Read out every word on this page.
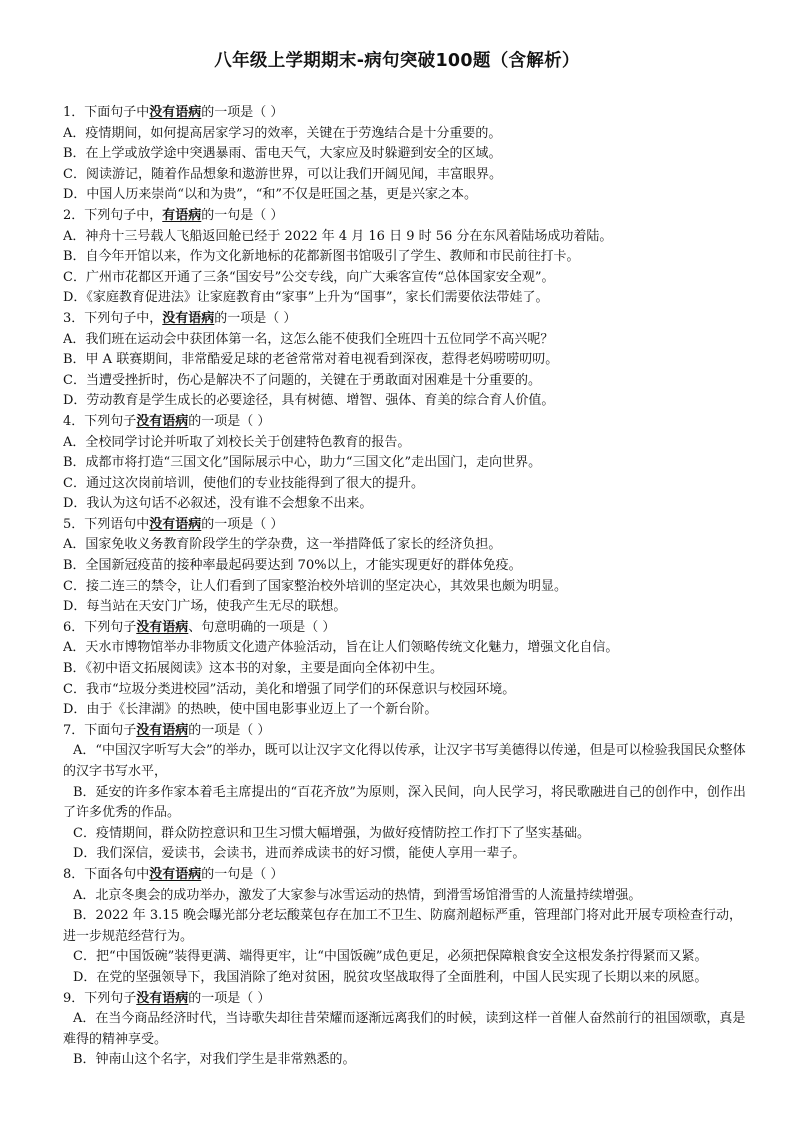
八年级上学期期末-病句突破100题（含解析）
1．下面句子中没有语病的一项是（ ）
A．疫情期间，如何提高居家学习的效率，关键在于劳逸结合是十分重要的。
B．在上学或放学途中突遇暴雨、雷电天气，大家应及时躲避到安全的区域。
C．阅读游记，随着作品想象和遨游世界，可以让我们开阔见闻，丰富眼界。
D．中国人历来崇尚“以和为贵”，“和”不仅是旺国之基，更是兴家之本。
2．下列句子中，有语病的一句是（ ）
A．神舟十三号载人飞船返回舱已经于 2022 年 4 月 16 日 9 时 56 分在东风着陆场成功着陆。
B．自今年开馆以来，作为文化新地标的花都新图书馆吸引了学生、教师和市民前往打卡。
C．广州市花都区开通了三条“国安号”公交专线，向广大乘客宣传“总体国家安全观”。
D．《家庭教育促进法》让家庭教育由“家事”上升为“国事”，家长们需要依法带娃了。
3．下列句子中，没有语病的一项是（ ）
A．我们班在运动会中获团体第一名，这怎么能不使我们全班四十五位同学不高兴呢？
B．甲 A 联赛期间，非常酷爱足球的老爸常常对着电视看到深夜，惹得老妈唠唠叨叨。
C．当遭受挫折时，伤心是解决不了问题的，关键在于勇敢面对困难是十分重要的。
D．劳动教育是学生成长的必要途径，具有树德、增智、强体、育美的综合育人价值。
4．下列句子没有语病的一项是（ ）
A．全校同学讨论并听取了刘校长关于创建特色教育的报告。
B．成都市将打造“三国文化”国际展示中心，助力“三国文化”走出国门，走向世界。
C．通过这次岗前培训，使他们的专业技能得到了很大的提升。
D．我认为这句话不必叙述，没有谁不会想象不出来。
5．下列语句中没有语病的一项是（ ）
A．国家免收义务教育阶段学生的学杂费，这一举措降低了家长的经济负担。
B．全国新冠疫苗的接种率最起码要达到 70%以上，才能实现更好的群体免疫。
C．接二连三的禁令，让人们看到了国家整治校外培训的坚定决心，其效果也颇为明显。
D．每当站在天安门广场，使我产生无尽的联想。
6．下列句子没有语病、句意明确的一项是（ ）
A．天水市博物馆举办非物质文化遗产体验活动，旨在让人们领略传统文化魅力，增强文化自信。
B．《初中语文拓展阅读》这本书的对象，主要是面向全体初中生。
C．我市“垃圾分类进校园”活动，美化和增强了同学们的环保意识与校园环境。
D．由于《长津湖》的热映，使中国电影事业迈上了一个新台阶。
7．下面句子没有语病的一项是（ ）
A．“中国汉字听写大会”的举办，既可以让汉字文化得以传承，让汉字书写美德得以传递，但是可以检验我国民众整体的汉字书写水平，
B．延安的许多作家本着毛主席提出的“百花齐放”为原则，深入民间，向人民学习，将民歌融进自己的创作中，创作出了许多优秀的作品。
C．疫情期间，群众防控意识和卫生习惯大幅增强，为做好疫情防控工作打下了坚实基础。
D．我们深信，爱读书，会读书，进而养成读书的好习惯，能使人享用一辈子。
8．下面各句中没有语病的一句是（ ）
A．北京冬奥会的成功举办，激发了大家参与冰雪运动的热情，到滑雪场馆滑雪的人流量持续增强。
B．2022 年 3.15 晚会曝光部分老坛酸菜包存在加工不卫生、防腐剂超标严重，管理部门将对此开展专项检查行动，进一步规范经营行为。
C．把“中国饭碗”装得更满、端得更牢，让“中国饭碗”成色更足，必须把保障粮食安全这根发条拧得紧而又紧。
D．在党的坚强领导下，我国消除了绝对贫困，脱贫攻坚战取得了全面胜利，中国人民实现了长期以来的夙愿。
9．下列句子没有语病的一项是（ ）
A．在当今商品经济时代，当诗歌失却往昔荣耀而逐渐远离我们的时候，读到这样一首催人奋然前行的祖国颂歌，真是难得的精神享受。
B．钟南山这个名字，对我们学生是非常熟悉的。
